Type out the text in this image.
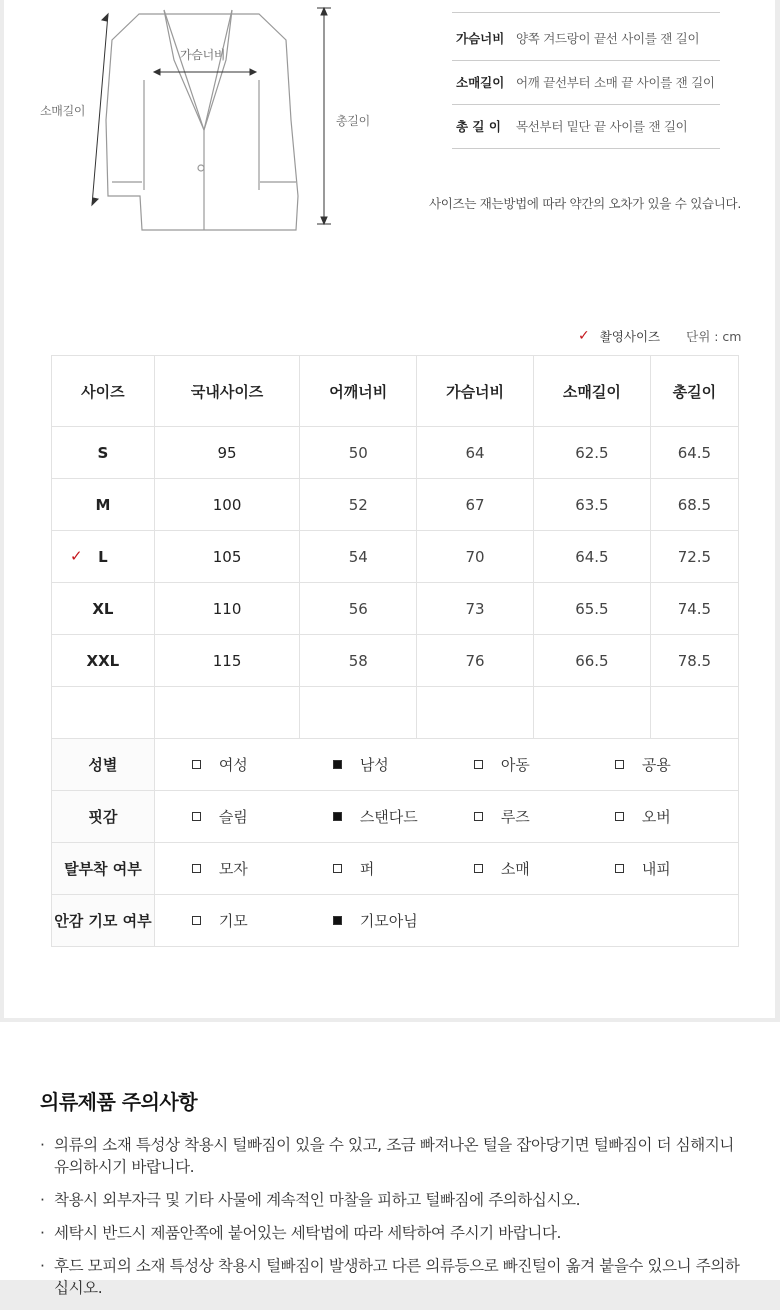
가슴너비
소매길이
총길이
가슴너비 양쪽 겨드랑이 끝선 사이를 잰 길이
소매길이 어깨 끝선부터 소매 끝 사이를 잰 길이
총 길 이	목선부터 밑단 끝 사이를 잰 길이
사이즈는 재는방법에 따라 약간의 오차가 있을 수 있습니다.
✓ 촬영사이즈 단위 : cm
사이즈	국내사이즈	어깨너비	가슴너비	소매길이	총길이
S	95	50	64	62.5	64.5
M	100	52	67	63.5	68.5

✓ L	105	54	70	64.5	72.5
XL	110	56	73	65.5	74.5
XXL	115	58	76	66.5	78.5

성별	여성 남성 아동 공용				

핏감	슬림 스탠다드 루즈 오버				

탈부착 여부	모자 퍼 소매 내피				

안감 기모 여부	기모 기모아님				
의류제품 주의사항
· 의류의 소재 특성상 착용시 털빠짐이 있을 수 있고, 조금 빠져나온 털을 잡아당기면 털빠짐이 더 심해지니 유의하시기 바랍니다.
· 착용시 외부자극 및 기타 사물에 계속적인 마찰을 피하고 털빠짐에 주의하십시오.
· 세탁시 반드시 제품안쪽에 붙어있는 세탁법에 따라 세탁하여 주시기 바랍니다.
· 후드 모피의 소재 특성상 착용시 털빠짐이 발생하고 다른 의류등으로 빠진털이 옮겨 붙을수 있으니 주의하십시오.
